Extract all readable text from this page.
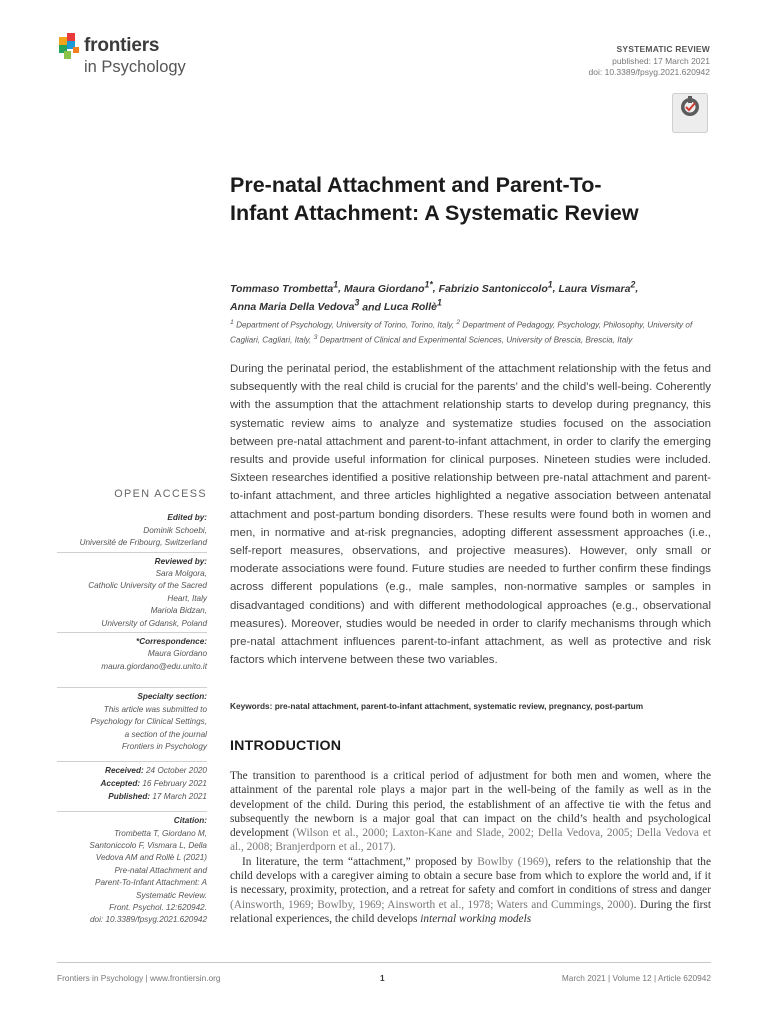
frontiers
in Psychology
SYSTEMATIC REVIEW
published: 17 March 2021
doi: 10.3389/fpsyg.2021.620942
Pre-natal Attachment and Parent-To-Infant Attachment: A Systematic Review
Tommaso Trombetta$^1$, Maura Giordano$^{1*}$, Fabrizio Santoniccolo$^1$, Laura Vismara$^2$,
Anna Maria Della Vedova$^3$ and Luca Rollè$^1$
$^1$ Department of Psychology, University of Torino, Torino, Italy, $^2$ Department of Pedagogy, Psychology, Philosophy, University of Cagliari, Cagliari, Italy, $^3$ Department of Clinical and Experimental Sciences, University of Brescia, Brescia, Italy

During the perinatal period, the establishment of the attachment relationship with the fetus and subsequently with the real child is crucial for the parents’ and the child’s well-being. Coherently with the assumption that the attachment relationship starts to develop during pregnancy, this systematic review aims to analyze and systematize studies focused on the association between pre-natal attachment and parent-to-infant attachment, in order to clarify the emerging results and provide useful information for clinical purposes. Nineteen studies were included. Sixteen researches identified a positive relationship between pre-natal attachment and parent-to-infant attachment, and three articles highlighted a negative association between antenatal attachment and post-partum bonding disorders. These results were found both in women and men, in normative and at-risk pregnancies, adopting different assessment approaches (i.e., self-report measures, observations, and projective measures). However, only small or moderate associations were found. Future studies are needed to further confirm these findings across different populations (e.g., male samples, non-normative samples or samples in disadvantaged conditions) and with different methodological approaches (e.g., observational measures). Moreover, studies would be needed in order to clarify mechanisms through which pre-natal attachment influences parent-to-infant attachment, as well as protective and risk factors which intervene between these two variables.

Keywords: pre-natal attachment, parent-to-infant attachment, systematic review, pregnancy, post-partum
OPEN ACCESS
Edited by:
Dominik Schoebi,
Université de Fribourg, Switzerland
Reviewed by:
Sara Molgora,
Catholic University of the Sacred
Heart, Italy
Mariola Bidzan,
University of Gdansk, Poland
*Correspondence:
Maura Giordano
maura.giordano@edu.unito.it
Specialty section:
This article was submitted to
Psychology for Clinical Settings,
a section of the journal
Frontiers in Psychology
Received: 24 October 2020
Accepted: 16 February 2021
Published: 17 March 2021
Citation:
Trombetta T, Giordano M,
Santoniccolo F, Vismara L, Della
Vedova AM and Rollè L (2021)
Pre-natal Attachment and
Parent-To-Infant Attachment: A
Systematic Review.
Front. Psychol. 12:620942.
doi: 10.3389/fpsyg.2021.620942
INTRODUCTION

The transition to parenthood is a critical period of adjustment for both men and women, where the attainment of the parental role plays a major part in the well-being of the family as well as in the development of the child. During this period, the establishment of an affective tie with the fetus and subsequently the newborn is a major goal that can impact on the child’s health and psychological development (Wilson et al., 2000; Laxton-Kane and Slade, 2002; Della Vedova, 2005; Della Vedova et al., 2008; Branjerdporn et al., 2017).

In literature, the term “attachment,” proposed by Bowlby (1969), refers to the relationship that the child develops with a caregiver aiming to obtain a secure base from which to explore the world and, if it is necessary, proximity, protection, and a retreat for safety and comfort in conditions of stress and danger (Ainsworth, 1969; Bowlby, 1969; Ainsworth et al., 1978; Waters and Cummings, 2000). During the first relational experiences, the child develops internal working models

Frontiers in Psychology | www.frontiersin.org	1	March 2021 | Volume 12 | Article 620942
